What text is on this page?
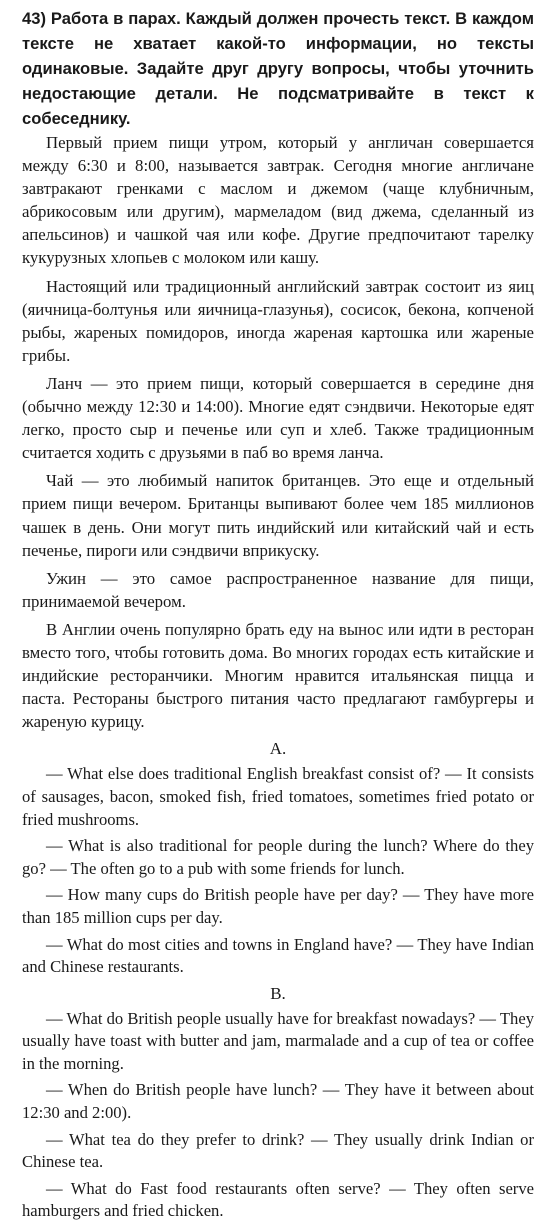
43) Работа в парах. Каждый должен прочесть текст. В каждом тексте не хватает какой-то информации, но тексты одинаковые. Задайте друг другу вопросы, чтобы уточнить недостающие детали. Не подсматривайте в текст к собеседнику.

Первый прием пищи утром, который у англичан совершается между 6:30 и 8:00, называется завтрак. Сегодня многие англичане завтракают гренками с маслом и джемом (чаще клубничным, абрикосовым или другим), мармеладом (вид джема, сделанный из апельсинов) и чашкой чая или кофе. Другие предпочитают тарелку кукурузных хлопьев с молоком или кашу.

Настоящий или традиционный английский завтрак состоит из яиц (яичница-болтунья или яичница-глазунья), сосисок, бекона, копченой рыбы, жареных помидоров, иногда жареная картошка или жареные грибы.

Ланч — это прием пищи, который совершается в середине дня (обычно между 12:30 и 14:00). Многие едят сэндвичи. Некоторые едят легко, просто сыр и печенье или суп и хлеб. Также традиционным считается ходить с друзьями в паб во время ланча.

Чай — это любимый напиток британцев. Это еще и отдельный прием пищи вечером. Британцы выпивают более чем 185 миллионов чашек в день. Они могут пить индийский или китайский чай и есть печенье, пироги или сэндвичи вприкуску.

Ужин — это самое распространенное название для пищи, принимаемой вечером.

В Англии очень популярно брать еду на вынос или идти в ресторан вместо того, чтобы готовить дома. Во многих городах есть китайские и индийские ресторанчики. Многим нравится итальянская пицца и паста. Рестораны быстрого питания часто предлагают гамбургеры и жареную курицу.

A.

— What else does traditional English breakfast consist of? — It consists of sausages, bacon, smoked fish, fried tomatoes, sometimes fried potato or fried mushrooms.

— What is also traditional for people during the lunch? Where do they go? — The often go to a pub with some friends for lunch.

— How many cups do British people have per day? — They have more than 185 million cups per day.

— What do most cities and towns in England have? — They have Indian and Chinese restaurants.

B.

— What do British people usually have for breakfast nowadays? — They usually have toast with butter and jam, marmalade and a cup of tea or coffee in the morning.

— When do British people have lunch? — They have it between about 12:30 and 2:00).

— What tea do they prefer to drink? — They usually drink Indian or Chinese tea.

— What do Fast food restaurants often serve? — They often serve hamburgers and fried chicken.
